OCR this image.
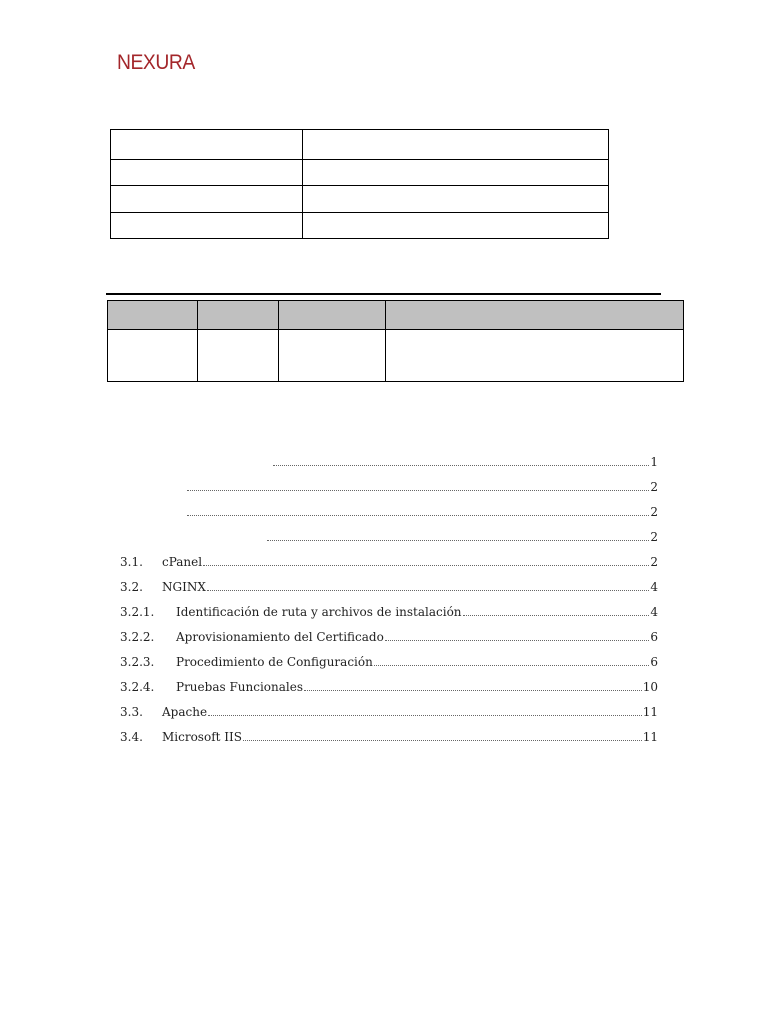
NEXURA

1
2
2
2
3.1.	cPanel	2
3.2.	NGINX	4
3.2.1.	Identificación de ruta y archivos de instalación	4
3.2.2.	Aprovisionamiento del Certificado	6
3.2.3.	Procedimiento de Configuración	6
3.2.4.	Pruebas Funcionales	10
3.3.	Apache	11
3.4.	Microsoft IIS	11
